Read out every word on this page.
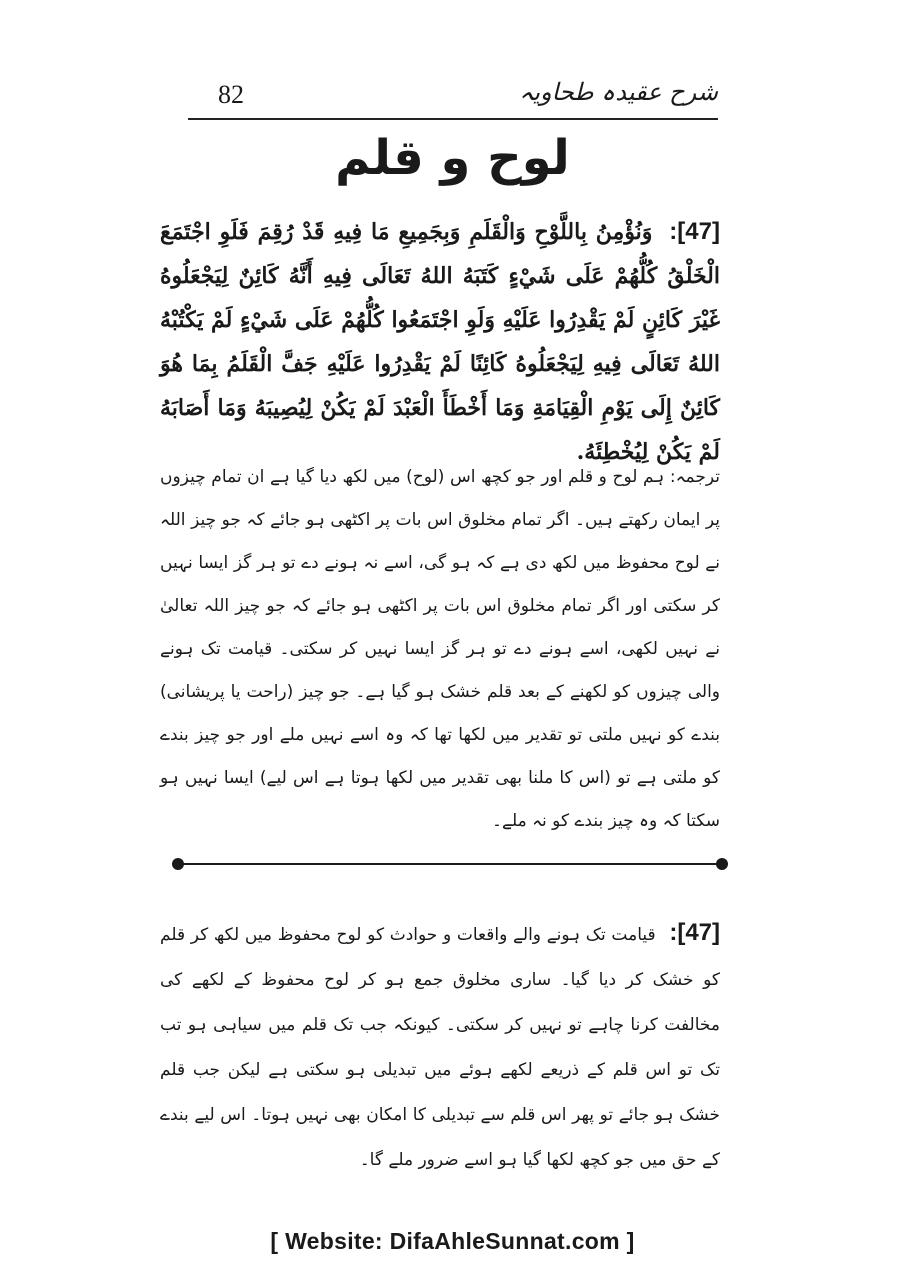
شرح عقیدہ طحاویہ
82
لوح و قلم
[47]: وَنُؤْمِنُ بِاللَّوْحِ وَالْقَلَمِ وَبِجَمِيعِ مَا فِيهِ قَدْ رُقِمَ فَلَوِ اجْتَمَعَ الْخَلْقُ كُلُّهُمْ عَلَى شَيْءٍ كَتَبَهُ اللهُ تَعَالَى فِيهِ أَنَّهُ كَائِنٌ لِيَجْعَلُوهُ غَيْرَ كَائِنٍ لَمْ يَقْدِرُوا عَلَيْهِ وَلَوِ اجْتَمَعُوا كُلُّهُمْ عَلَى شَيْءٍ لَمْ يَكْتُبْهُ اللهُ تَعَالَى فِيهِ لِيَجْعَلُوهُ كَائِنًا لَمْ يَقْدِرُوا عَلَيْهِ جَفَّ الْقَلَمُ بِمَا هُوَ كَائِنٌ إِلَى يَوْمِ الْقِيَامَةِ وَمَا أَخْطَأَ الْعَبْدَ لَمْ يَكُنْ لِيُصِيبَهُ وَمَا أَصَابَهُ لَمْ يَكُنْ لِيُخْطِئَهُ.
ترجمہ: ہم لوح و قلم اور جو کچھ اس (لوح) میں لکھ دیا گیا ہے ان تمام چیزوں پر ایمان رکھتے ہیں۔ اگر تمام مخلوق اس بات پر اکٹھی ہو جائے کہ جو چیز اللہ نے لوح محفوظ میں لکھ دی ہے کہ ہو گی، اسے نہ ہونے دے تو ہر گز ایسا نہیں کر سکتی اور اگر تمام مخلوق اس بات پر اکٹھی ہو جائے کہ جو چیز اللہ تعالیٰ نے نہیں لکھی، اسے ہونے دے تو ہر گز ایسا نہیں کر سکتی۔ قیامت تک ہونے والی چیزوں کو لکھنے کے بعد قلم خشک ہو گیا ہے۔ جو چیز (راحت یا پریشانی) بندے کو نہیں ملتی تو تقدیر میں لکھا تھا کہ وہ اسے نہیں ملے اور جو چیز بندے کو ملتی ہے تو (اس کا ملنا بھی تقدیر میں لکھا ہوتا ہے اس لیے) ایسا نہیں ہو سکتا کہ وہ چیز بندے کو نہ ملے۔
[47]: قیامت تک ہونے والے واقعات و حوادث کو لوح محفوظ میں لکھ کر قلم کو خشک کر دیا گیا۔ ساری مخلوق جمع ہو کر لوح محفوظ کے لکھے کی مخالفت کرنا چاہے تو نہیں کر سکتی۔ کیونکہ جب تک قلم میں سیاہی ہو تب تک تو اس قلم کے ذریعے لکھے ہوئے میں تبدیلی ہو سکتی ہے لیکن جب قلم خشک ہو جائے تو پھر اس قلم سے تبدیلی کا امکان بھی نہیں ہوتا۔ اس لیے بندے کے حق میں جو کچھ لکھا گیا ہو اسے ضرور ملے گا۔
[ Website: DifaAhleSunnat.com ]
